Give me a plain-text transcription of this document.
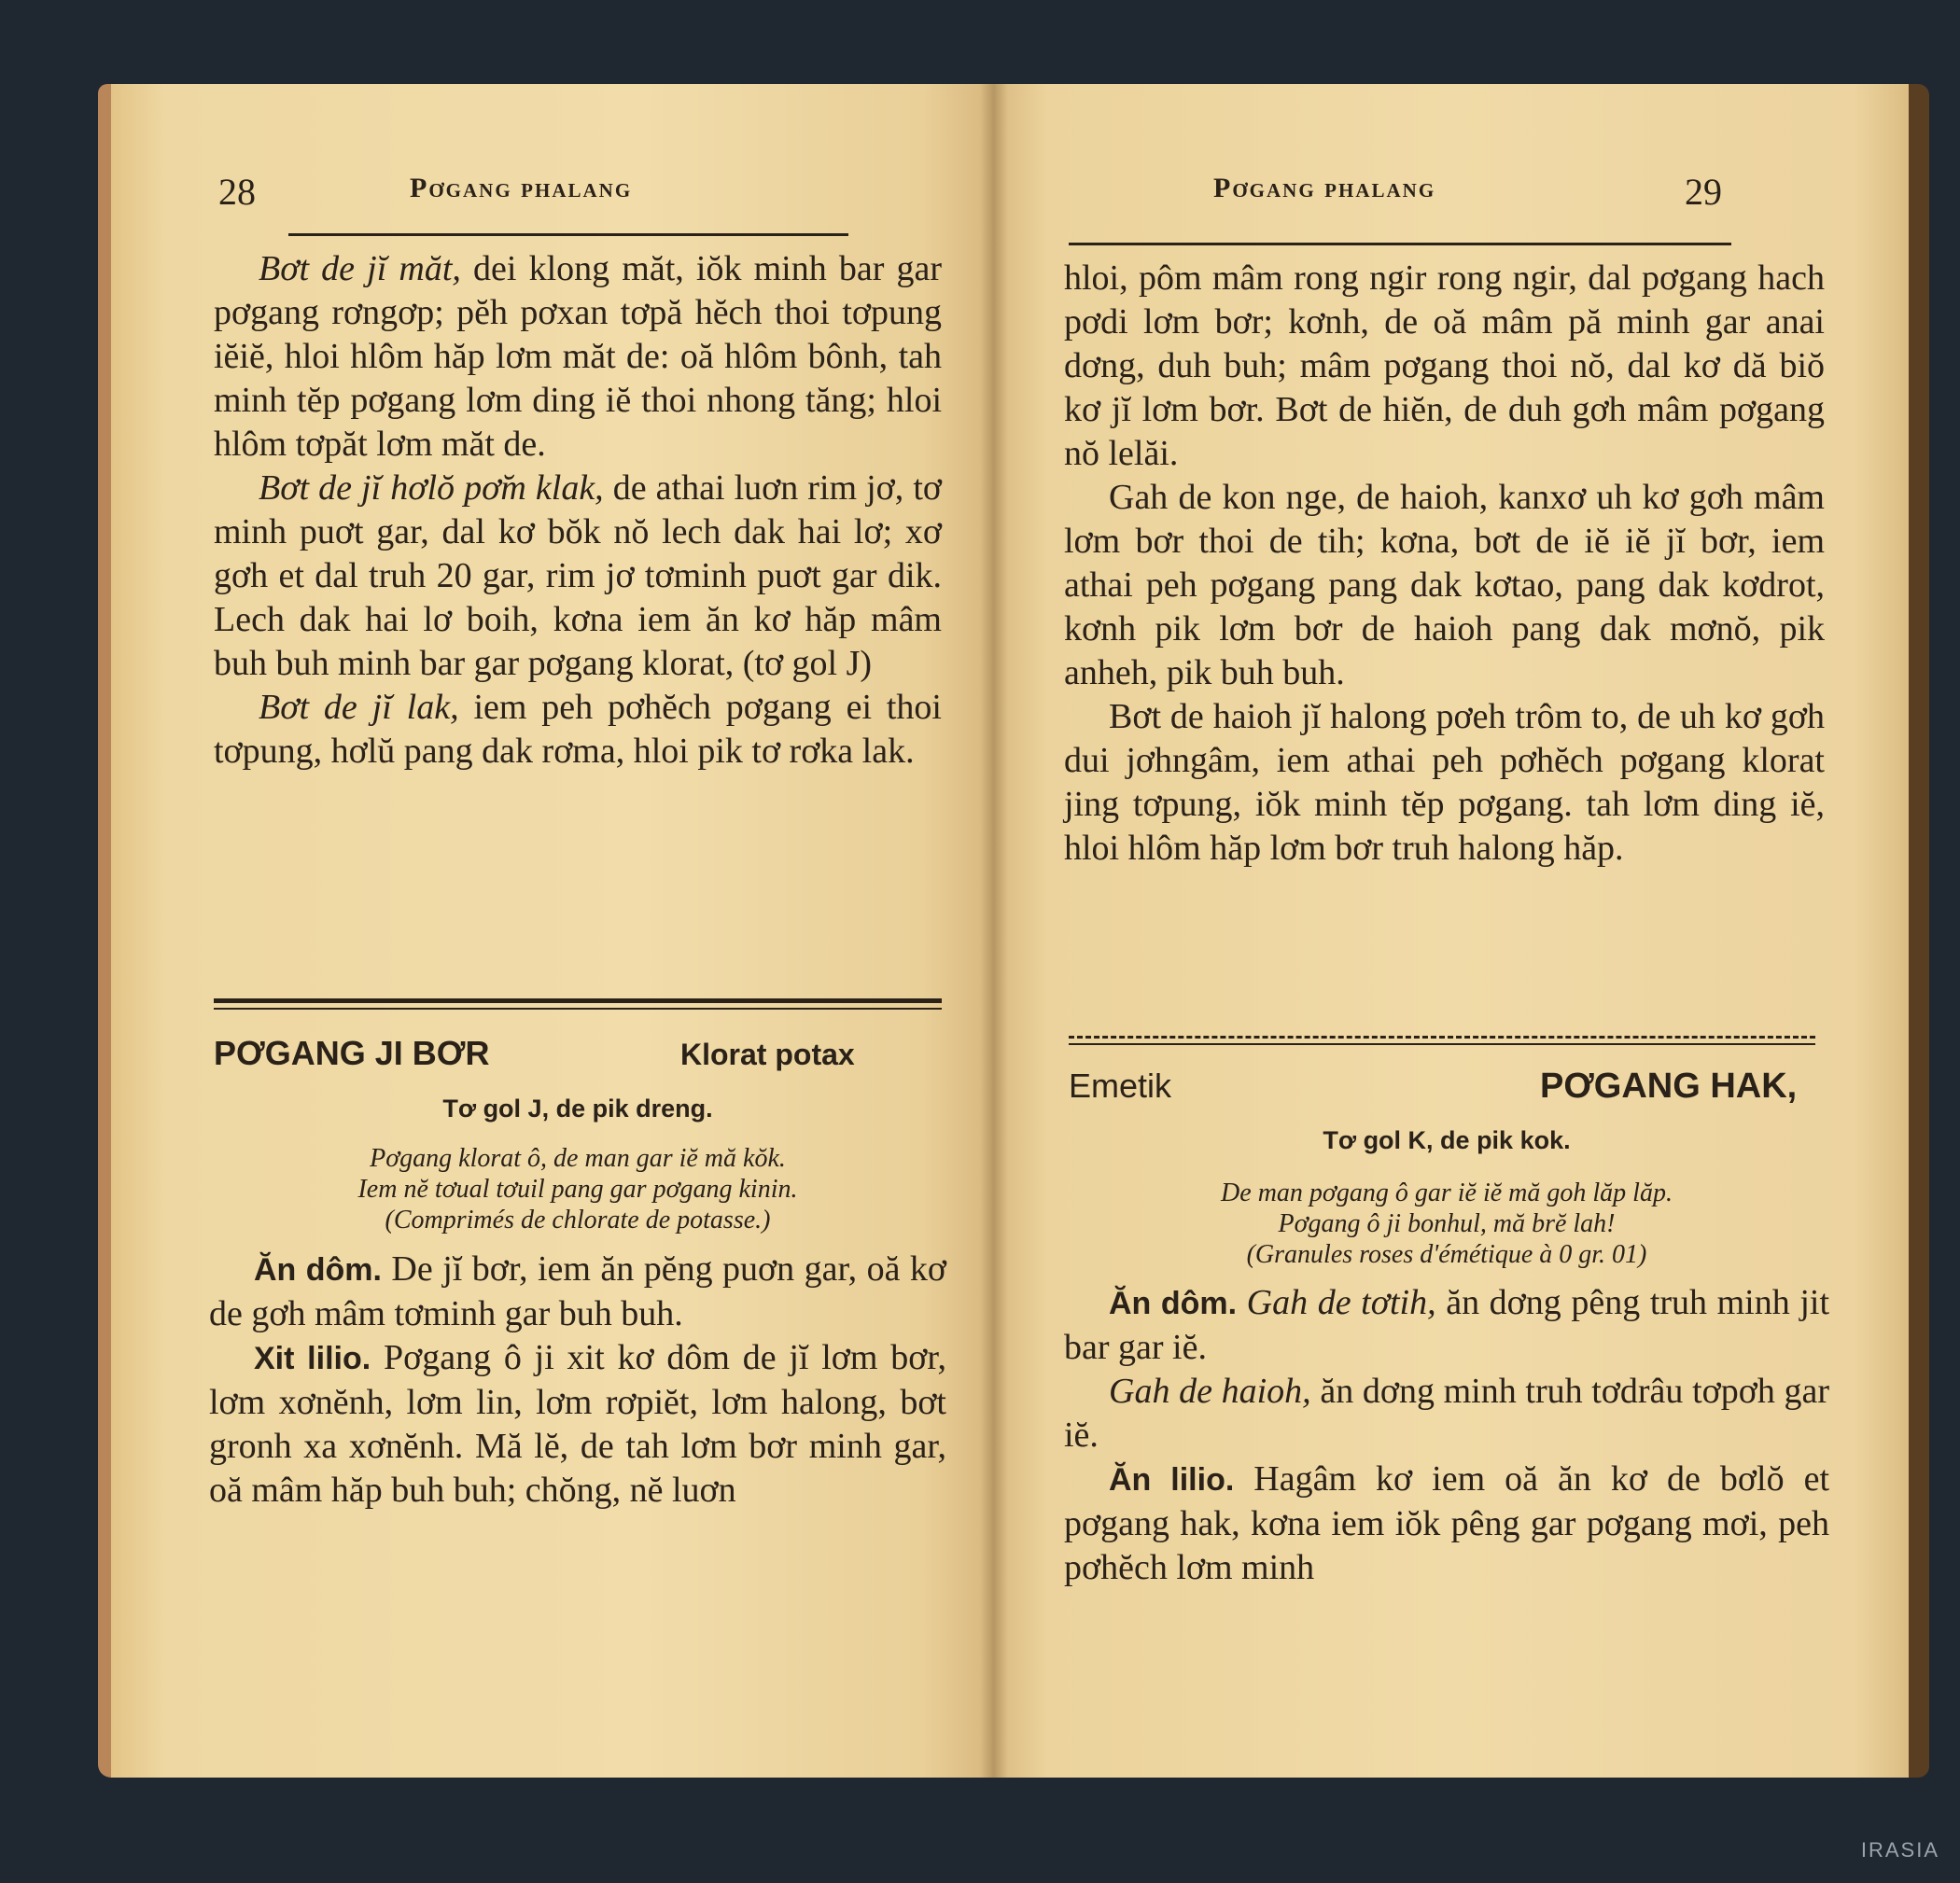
28	Pơgang phalang

Bơt de jĭ măt, dei klong măt, iŏk minh bar gar pơgang rơngơp; pĕh pơxan tơpă hĕch thoi tơpung iĕiĕ, hloi hlôm hăp lơm măt de: oă hlôm bônh, tah minh tĕp pơgang lơm ding iĕ thoi nhong tăng; hloi hlôm tơpăt lơm măt de.

Bơt de jĭ hơlŏ pơ̆m klak, de athai luơn rim jơ, tơ minh puơt gar, dal kơ bŏk nŏ lech dak hai lơ; xơ gơh et dal truh 20 gar, rim jơ tơminh puơt gar dik. Lech dak hai lơ boih, kơna iem ăn kơ hăp mâm buh buh minh bar gar pơgang klorat, (tơ gol J)

Bơt de jĭ lak, iem peh pơhĕch pơgang ei thoi tơpung, hơlŭ pang dak rơma, hloi pik tơ rơka lak.

PƠGANG JI BƠR	Klorat potax
Tơ gol J, de pik dreng.
Pơgang klorat ô, de man gar iĕ mă kŏk.
Iem nĕ tơual tơuil pang gar pơgang kinin.
(Comprimés de chlorate de potasse.)

Ăn dôm. De jĭ bơr, iem ăn pĕng puơn gar, oă kơ de gơh mâm tơminh gar buh buh.

Xit lilio. Pơgang ô ji xit kơ dôm de jĭ lơm bơr, lơm xơnĕnh, lơm lin, lơm rơpiĕt, lơm halong, bơt gronh xa xơnĕnh. Mă lĕ, de tah lơm bơr minh gar, oă mâm hăp buh buh; chŏng, nĕ luơn

Pơgang phalang	29

hloi, pôm mâm rong ngir rong ngir, dal pơgang hach pơdi lơm bơr; kơnh, de oă mâm pă minh gar anai dơng, duh buh; mâm pơgang thoi nŏ, dal kơ dă biŏ kơ jĭ lơm bơr. Bơt de hiĕn, de duh gơh mâm pơgang nŏ lelăi.

Gah de kon nge, de haioh, kanxơ uh kơ gơh mâm lơm bơr thoi de tih; kơna, bơt de iĕ iĕ jĭ bơr, iem athai peh pơgang pang dak kơtao, pang dak kơdrot, kơnh pik lơm bơr de haioh pang dak mơnŏ, pik anheh, pik buh buh.

Bơt de haioh jĭ halong pơeh trôm to, de uh kơ gơh dui jơhngâm, iem athai peh pơhĕch pơgang klorat jing tơpung, iŏk minh tĕp pơgang. tah lơm ding iĕ, hloi hlôm hăp lơm bơr truh halong hăp.

Emetik	PƠGANG HAK,
Tơ gol K, de pik kok.
De man pơgang ô gar iĕ iĕ mă goh lăp lăp.
Pơgang ô ji bonhul, mă brĕ lah!
(Granules roses d'émétique à 0 gr. 01)

Ăn dôm. Gah de tơtih, ăn dơng pêng truh minh jit bar gar iĕ.

Gah de haioh, ăn dơng minh truh tơdrâu tơpơh gar iĕ.

Ăn lilio. Hagâm kơ iem oă ăn kơ de bơlŏ et pơgang hak, kơna iem iŏk pêng gar pơgang mơi, peh pơhĕch lơm minh

IRASIA
